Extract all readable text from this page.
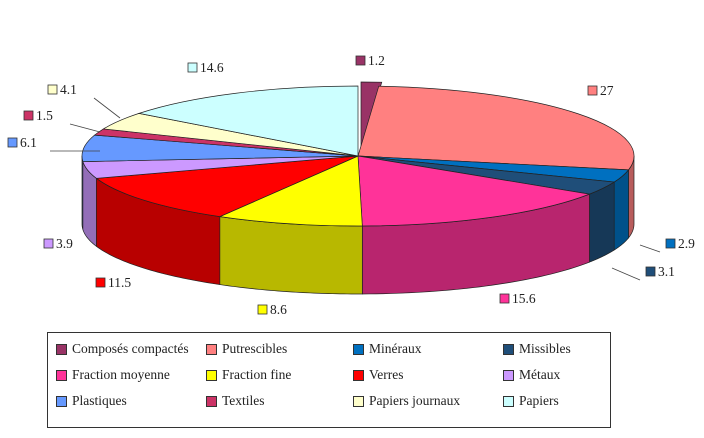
1.2
27
2.9
3.1
15.6
8.6
11.5
3.9
6.1
1.5
4.1
14.6
Composés compactés Putrescibles	Minéraux	Missibles
Fraction moyenne	Fraction fine	Verres	Métaux
Plastiques	Textiles	Papiers journaux	Papiers
